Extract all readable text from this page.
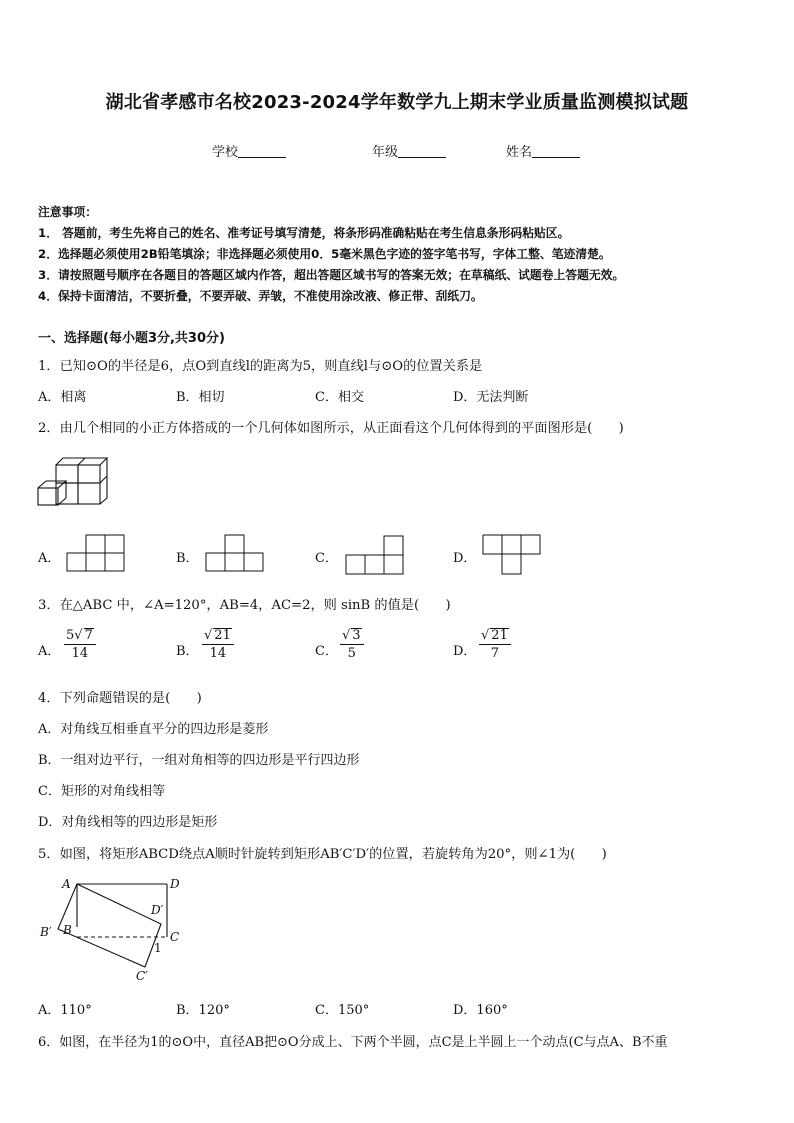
湖北省孝感市名校2023-2024学年数学九上期末学业质量监测模拟试题
学校	年级	姓名
注意事项：
1． 答题前，考生先将自己的姓名、准考证号填写清楚，将条形码准确粘贴在考生信息条形码粘贴区。
2．选择题必须使用2B铅笔填涂；非选择题必须使用0．5毫米黑色字迹的签字笔书写，字体工整、笔迹清楚。
3．请按照题号顺序在各题目的答题区域内作答，超出答题区域书写的答案无效；在草稿纸、试题卷上答题无效。
4．保持卡面清洁，不要折叠，不要弄破、弄皱，不准使用涂改液、修正带、刮纸刀。
一、选择题(每小题3分,共30分)
1．已知⊙O的半径是6，点O到直线l的距离为5，则直线l与⊙O的位置关系是
A．相离	B．相切	C．相交	D．无法判断
2．由几个相同的小正方体搭成的一个几何体如图所示，从正面看这个几何体得到的平面图形是(　　)
A．	B．	C．	D．
3．在△ABC 中，∠A=120°，AB=4，AC=2，则 sinB 的值是(　　)
A． $\frac{5√ 7}{14}$	B． $\frac{√ 21}{14}$	C． $\frac{√ 3}{5}$	D． $\frac{√ 21}{7}$
4．下列命题错误的是(　　)
A．对角线互相垂直平分的四边形是菱形
B．一组对边平行，一组对角相等的四边形是平行四边形
C．矩形的对角线相等
D．对角线相等的四边形是矩形
5．如图，将矩形ABCD绕点A顺时针旋转到矩形AB′C′D′的位置，若旋转角为20°，则∠1为(　　)
A	D
D′
B′ B	C
1
C′
A．110°	B．120°	C．150°	D．160°
6．如图，在半径为1的⊙O中，直径AB把⊙O分成上、下两个半圆，点C是上半圆上一个动点(C与点A、B不重
